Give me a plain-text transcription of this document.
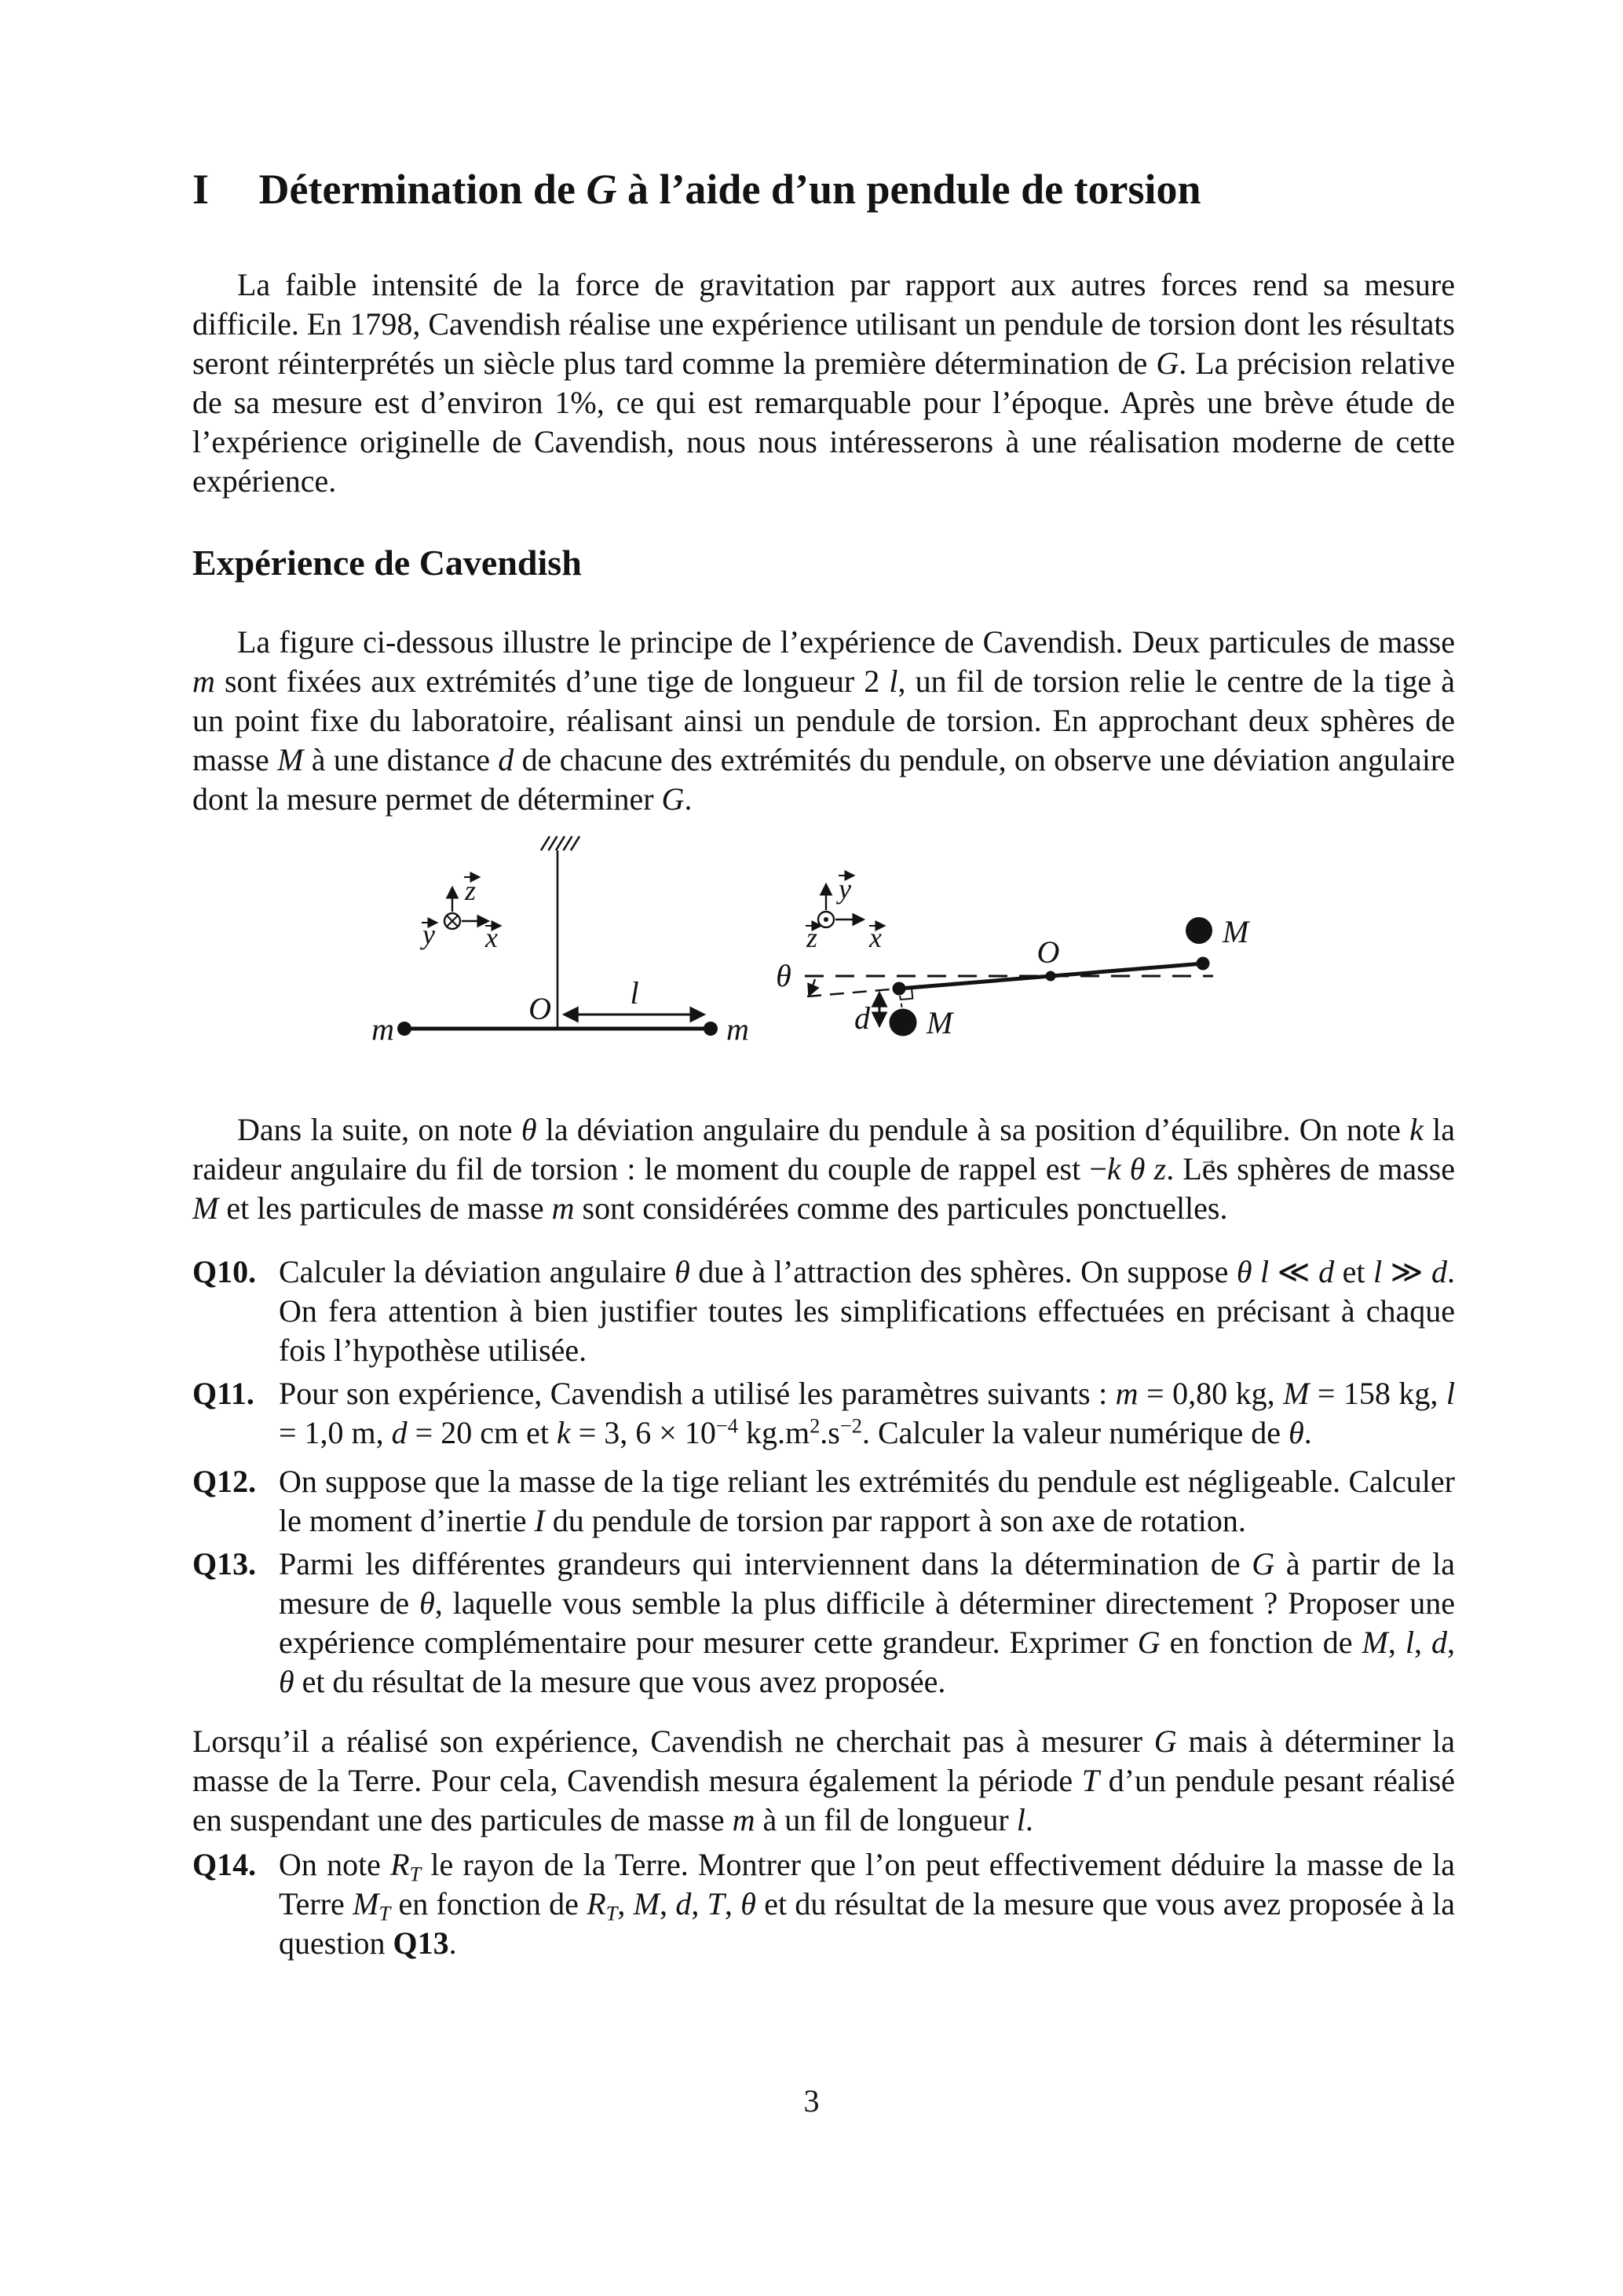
I Détermination de G à l’aide d’un pendule de torsion

La faible intensité de la force de gravitation par rapport aux autres forces rend sa mesure difficile. En 1798, Cavendish réalise une expérience utilisant un pendule de torsion dont les résultats seront réinterprétés un siècle plus tard comme la première détermination de G. La précision relative de sa mesure est d’environ 1%, ce qui est remarquable pour l’époque. Après une brève étude de l’expérience originelle de Cavendish, nous nous intéresserons à une réalisation moderne de cette expérience.

Expérience de Cavendish

La figure ci-dessous illustre le principe de l’expérience de Cavendish. Deux particules de masse m sont fixées aux extrémités d’une tige de longueur 2 l, un fil de torsion relie le centre de la tige à un point fixe du laboratoire, réalisant ainsi un pendule de torsion. En approchant deux sphères de masse M à une distance d de chacune des extrémités du pendule, on observe une déviation angulaire dont la mesure permet de déterminer G.

O	l
m	m
z
x
y
y
x
z	O
θ
d M
M

Dans la suite, on note θ la déviation angulaire du pendule à sa position d’équilibre. On note k la raideur angulaire du fil de torsion : le moment du couple de rappel est −k θ z →. Les sphères de masse M et les particules de masse m sont considérées comme des particules ponctuelles.

Q10. Calculer la déviation angulaire θ due à l’attraction des sphères. On suppose θ l ≪ d et l ≫ d. On fera attention à bien justifier toutes les simplifications effectuées en précisant à chaque fois l’hypothèse utilisée.
Q11. Pour son expérience, Cavendish a utilisé les paramètres suivants : m = 0,80 kg, M = 158 kg, l = 1,0 m, d = 20 cm et k = 3, $6 \times 10^{-4}$ $kg.m^2.s^{-2}$. Calculer la valeur numérique de θ.
Q12. On suppose que la masse de la tige reliant les extrémités du pendule est négligeable. Calculer le moment d’inertie I du pendule de torsion par rapport à son axe de rotation.
Q13. Parmi les différentes grandeurs qui interviennent dans la détermination de G à partir de la mesure de θ, laquelle vous semble la plus difficile à déterminer directement ? Proposer une expérience complémentaire pour mesurer cette grandeur. Exprimer G en fonction de M, l, d, θ et du résultat de la mesure que vous avez proposée.

Lorsqu’il a réalisé son expérience, Cavendish ne cherchait pas à mesurer G mais à déterminer la masse de la Terre. Pour cela, Cavendish mesura également la période T d’un pendule pesant réalisé en suspendant une des particules de masse m à un fil de longueur l.

Q14. On note RT le rayon de la Terre. Montrer que l’on peut effectivement déduire la masse de la Terre MT en fonction de RT, M, d, T, θ et du résultat de la mesure que vous avez proposée à la question Q13.
3
